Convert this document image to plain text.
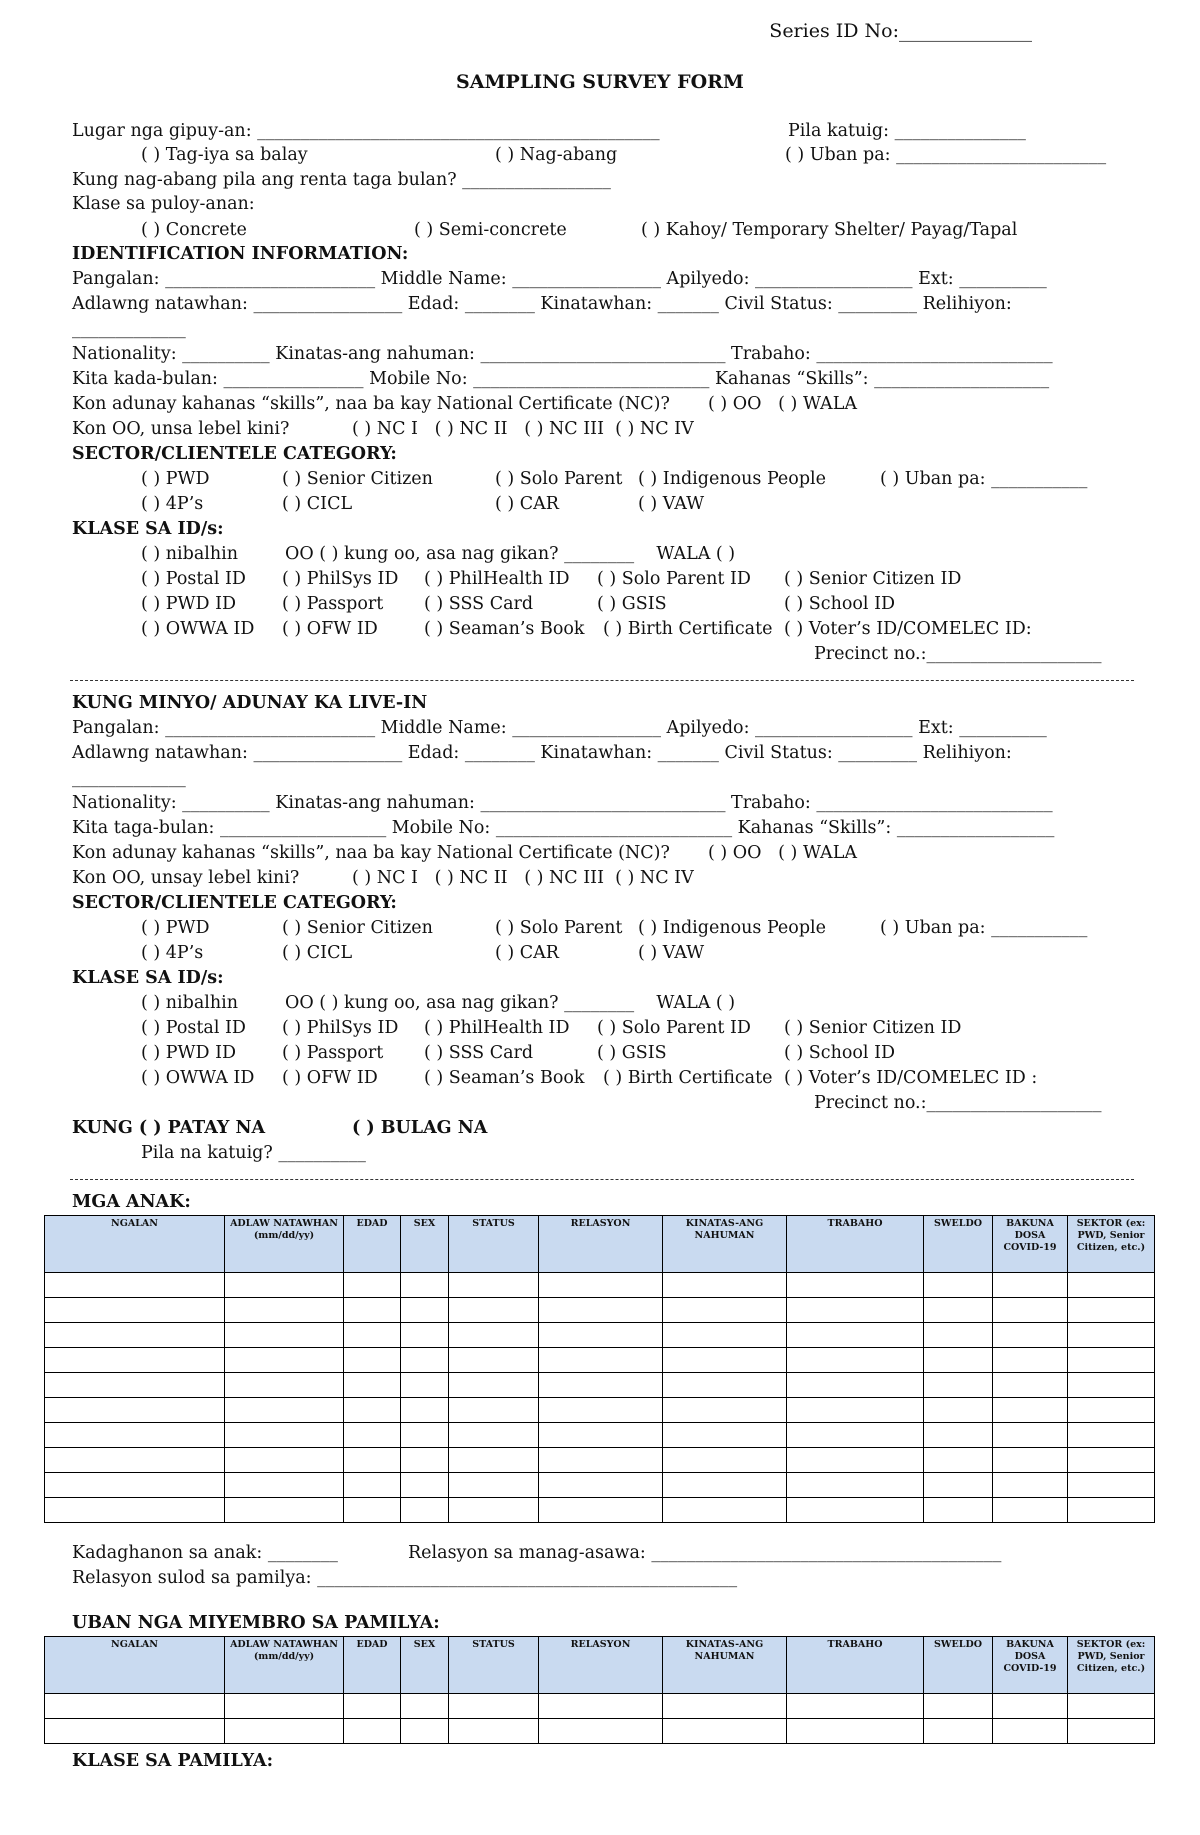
Series ID No:______________
SAMPLING SURVEY FORM
Lugar nga gipuy-an: ______________________________________________	Pila katuig: _______________
( ) Tag-iya sa balay	( ) Nag-abang	( ) Uban pa: ________________________
Kung nag-abang pila ang renta taga bulan? _________________
Klase sa puloy-anan:
( ) Concrete	( ) Semi-concrete	( ) Kahoy/ Temporary Shelter/ Payag/Tapal
IDENTIFICATION INFORMATION:
Pangalan: ________________________ Middle Name: _________________ Apilyedo: __________________ Ext: __________
Adlawng natawhan: _________________ Edad: ________ Kinatawhan: _______ Civil Status: _________ Relihiyon:
_____________
Nationality: __________ Kinatas-ang nahuman: ____________________________ Trabaho: ___________________________
Kita kada-bulan: ________________ Mobile No: ___________________________ Kahanas “Skills”: ____________________
Kon adunay kahanas “skills”, naa ba kay National Certificate (NC)? ( ) OO   ( ) WALA
Kon OO, unsa lebel kini?	( ) NC I   ( ) NC II   ( ) NC III  ( ) NC IV
SECTOR/CLIENTELE CATEGORY:
( ) PWD	( ) Senior Citizen	( ) Solo Parent ( ) Indigenous People	( ) Uban pa: ___________
( ) 4P’s	( ) CICL	( ) CAR	( ) VAW
KLASE SA ID/s:
( ) nibalhin	OO ( ) kung oo, asa nag gikan? ________    WALA ( )
( ) Postal ID ( ) PhilSys ID ( ) PhilHealth ID ( ) Solo Parent ID ( ) Senior Citizen ID
( ) PWD ID	( ) Passport ( ) SSS Card	( ) GSIS	( ) School ID
( ) OWWA ID ( ) OFW ID	( ) Seaman’s Book ( ) Birth Certificate ( ) Voter’s ID/COMELEC ID:
Precinct no.:____________________
KUNG MINYO/ ADUNAY KA LIVE-IN
Pangalan: ________________________ Middle Name: _________________ Apilyedo: __________________ Ext: __________
Adlawng natawhan: _________________ Edad: ________ Kinatawhan: _______ Civil Status: _________ Relihiyon:
_____________
Nationality: __________ Kinatas-ang nahuman: ____________________________ Trabaho: ___________________________
Kita taga-bulan: ___________________ Mobile No: ___________________________ Kahanas “Skills”: __________________
Kon adunay kahanas “skills”, naa ba kay National Certificate (NC)? ( ) OO   ( ) WALA
Kon OO, unsay lebel kini?	( ) NC I   ( ) NC II   ( ) NC III  ( ) NC IV
SECTOR/CLIENTELE CATEGORY:
( ) PWD	( ) Senior Citizen	( ) Solo Parent ( ) Indigenous People	( ) Uban pa: ___________
( ) 4P’s	( ) CICL	( ) CAR	( ) VAW
KLASE SA ID/s:
( ) nibalhin	OO ( ) kung oo, asa nag gikan? ________    WALA ( )
( ) Postal ID ( ) PhilSys ID ( ) PhilHealth ID ( ) Solo Parent ID ( ) Senior Citizen ID
( ) PWD ID	( ) Passport ( ) SSS Card	( ) GSIS	( ) School ID
( ) OWWA ID ( ) OFW ID	( ) Seaman’s Book ( ) Birth Certificate ( ) Voter’s ID/COMELEC ID :
Precinct no.:____________________
KUNG ( ) PATAY NA	( ) BULAG NA
Pila na katuig? __________
MGA ANAK:
NGALAN	ADLAW NATAWHAN (mm/dd/yy)	EDAD	SEX	STATUS	RELASYON	KINATAS-ANG NAHUMAN	TRABAHO	SWELDO	BAKUNA DOSA COVID-19	SEKTOR (ex: PWD, Senior Citizen, etc.)

Kadaghanon sa anak: ________	Relasyon sa manag-asawa: ________________________________________
Relasyon sulod sa pamilya: ________________________________________________
UBAN NGA MIYEMBRO SA PAMILYA:
NGALAN	ADLAW NATAWHAN (mm/dd/yy)	EDAD	SEX	STATUS	RELASYON	KINATAS-ANG NAHUMAN	TRABAHO	SWELDO	BAKUNA DOSA COVID-19	SEKTOR (ex: PWD, Senior Citizen, etc.)

KLASE SA PAMILYA:
